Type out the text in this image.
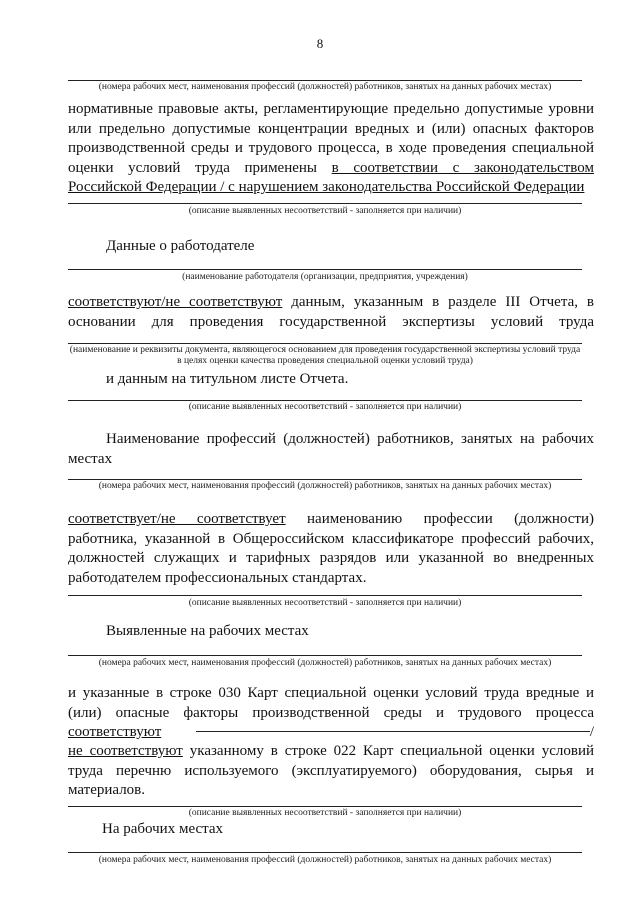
8
(номера рабочих мест, наименования профессий (должностей) работников, занятых на данных рабочих местах)
нормативные правовые акты, регламентирующие предельно допустимые уровни или предельно допустимые концентрации вредных и (или) опасных факторов производственной среды и трудового процесса, в ходе проведения специальной оценки условий труда применены в соответствии с законодательством Российской Федерации / с нарушением законодательства Российской Федерации
(описание выявленных несоответствий - заполняется при наличии)
Данные о работодателе
(наименование работодателя (организации, предприятия, учреждения)
соответствуют/не соответствуют данным, указанным в разделе III Отчета, в основании для проведения государственной экспертизы условий труда
(наименование и реквизиты документа, являющегося основанием для проведения государственной экспертизы условий труда в целях оценки качества проведения специальной оценки условий труда)
и данным на титульном листе Отчета.
(описание выявленных несоответствий - заполняется при наличии)
Наименование профессий (должностей) работников, занятых на рабочих местах
(номера рабочих мест, наименования профессий (должностей) работников, занятых на данных рабочих местах)
соответствует/не соответствует наименованию профессии (должности) работника, указанной в Общероссийском классификаторе профессий рабочих, должностей служащих и тарифных разрядов или указанной во внедренных работодателем профессиональных стандартах.
(описание выявленных несоответствий - заполняется при наличии)
Выявленные на рабочих местах
(номера рабочих мест, наименования профессий (должностей) работников, занятых на данных рабочих местах)
и указанные в строке 030 Карт специальной оценки условий труда вредные и (или) опасные факторы производственной среды и трудового процесса
соответствуют	/
не соответствуют указанному в строке 022 Карт специальной оценки условий труда перечню используемого (эксплуатируемого) оборудования, сырья и материалов.
(описание выявленных несоответствий - заполняется при наличии)
На рабочих местах
(номера рабочих мест, наименования профессий (должностей) работников, занятых на данных рабочих местах)
